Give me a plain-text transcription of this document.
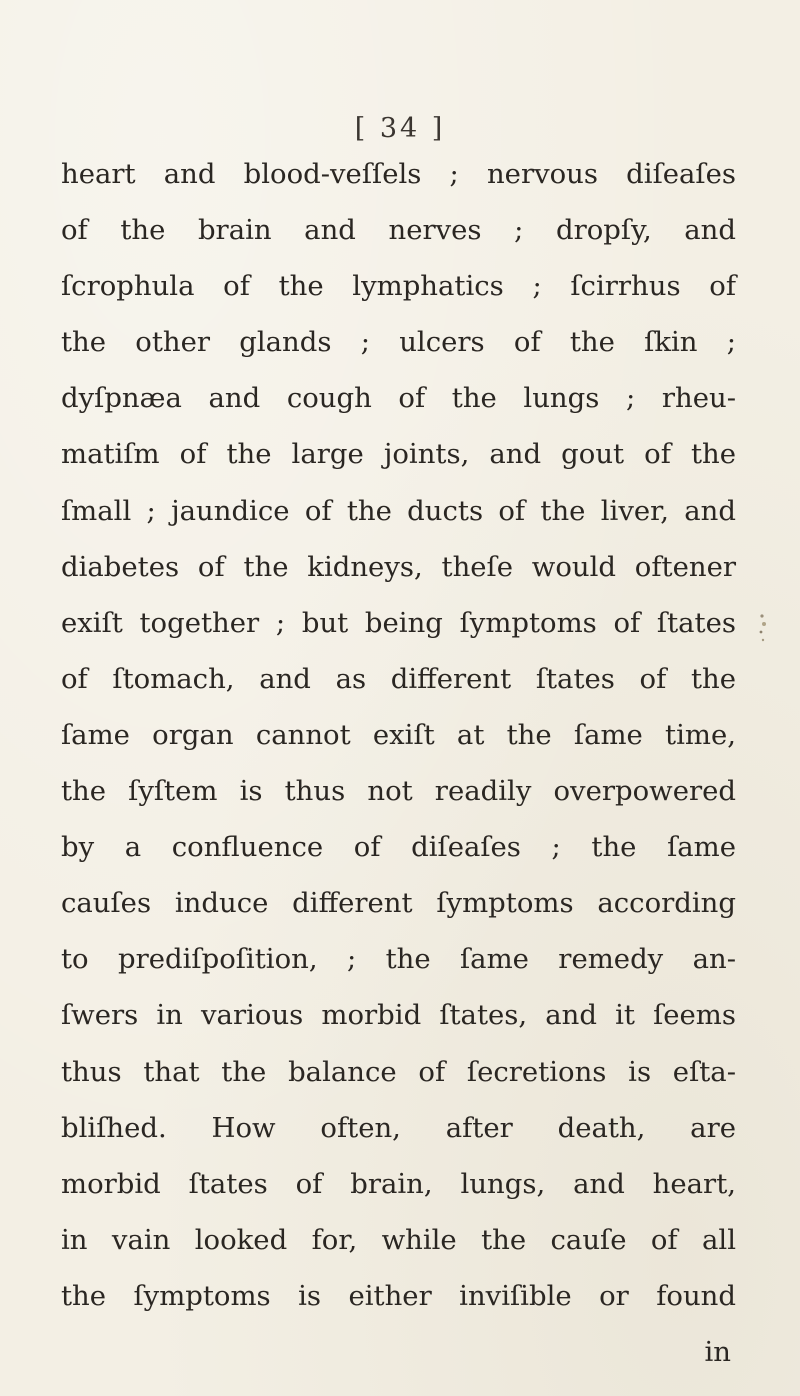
[ 34 ]
heart and blood-veſſels ; nervous diſeaſes
of the brain and nerves ; dropſy, and
ſcrophula of the lymphatics ; ſcirrhus of
the other glands ; ulcers of the ſkin ;
dyſpnæa and cough of the lungs ; rheu-
matiſm of the large joints, and gout of the
ſmall ; jaundice of the ducts of the liver, and
diabetes of the kidneys, theſe would oftener
exiſt together ; but being ſymptoms of ſtates
of ſtomach, and as different ſtates of the
ſame organ cannot exiſt at the ſame time,
the ſyſtem is thus not readily overpowered
by a confluence of diſeaſes ; the ſame
cauſes induce different ſymptoms according
to prediſpoſition, ; the ſame remedy an-
ſwers in various morbid ſtates, and it ſeems
thus that the balance of ſecretions is eſta-
bliſhed. How often, after death, are
morbid ſtates of brain, lungs, and heart,
in vain looked for, while the cauſe of all
the ſymptoms is either inviſible or found
in
